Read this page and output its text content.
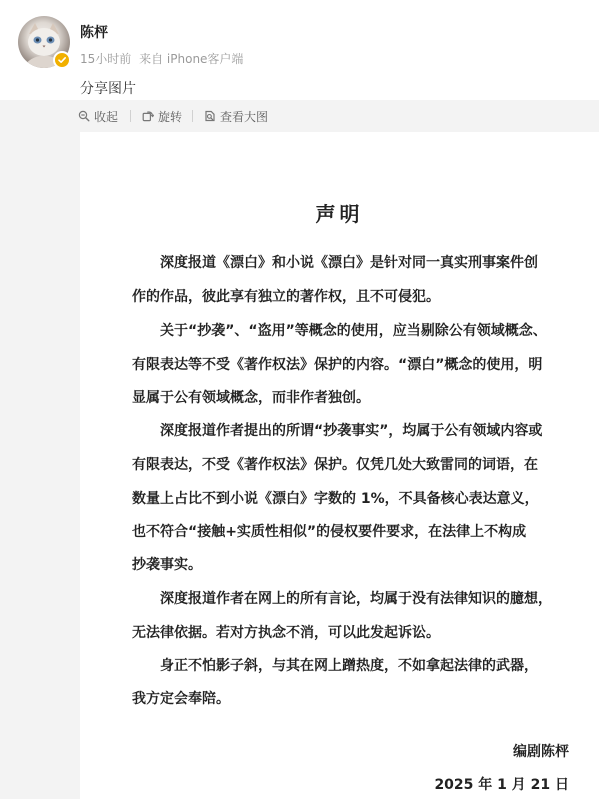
陈枰
15小时前 来自 iPhone客户端
分享图片
收起	旋转	查看大图
声明
深度报道《漂白》和小说《漂白》是针对同一真实刑事案件创
作的作品，彼此享有独立的著作权，且不可侵犯。
关于“抄袭”、“盗用”等概念的使用，应当剔除公有领域概念、
有限表达等不受《著作权法》保护的内容。“漂白”概念的使用，明
显属于公有领域概念，而非作者独创。
深度报道作者提出的所谓“抄袭事实”，均属于公有领域内容或
有限表达，不受《著作权法》保护。仅凭几处大致雷同的词语，在
数量上占比不到小说《漂白》字数的 1%，不具备核心表达意义，
也不符合“接触+实质性相似”的侵权要件要求，在法律上不构成
抄袭事实。
深度报道作者在网上的所有言论，均属于没有法律知识的臆想，
无法律依据。若对方执念不消，可以此发起诉讼。
身正不怕影子斜，与其在网上蹭热度，不如拿起法律的武器，
我方定会奉陪。
编剧陈枰
2025 年 1 月 21 日
